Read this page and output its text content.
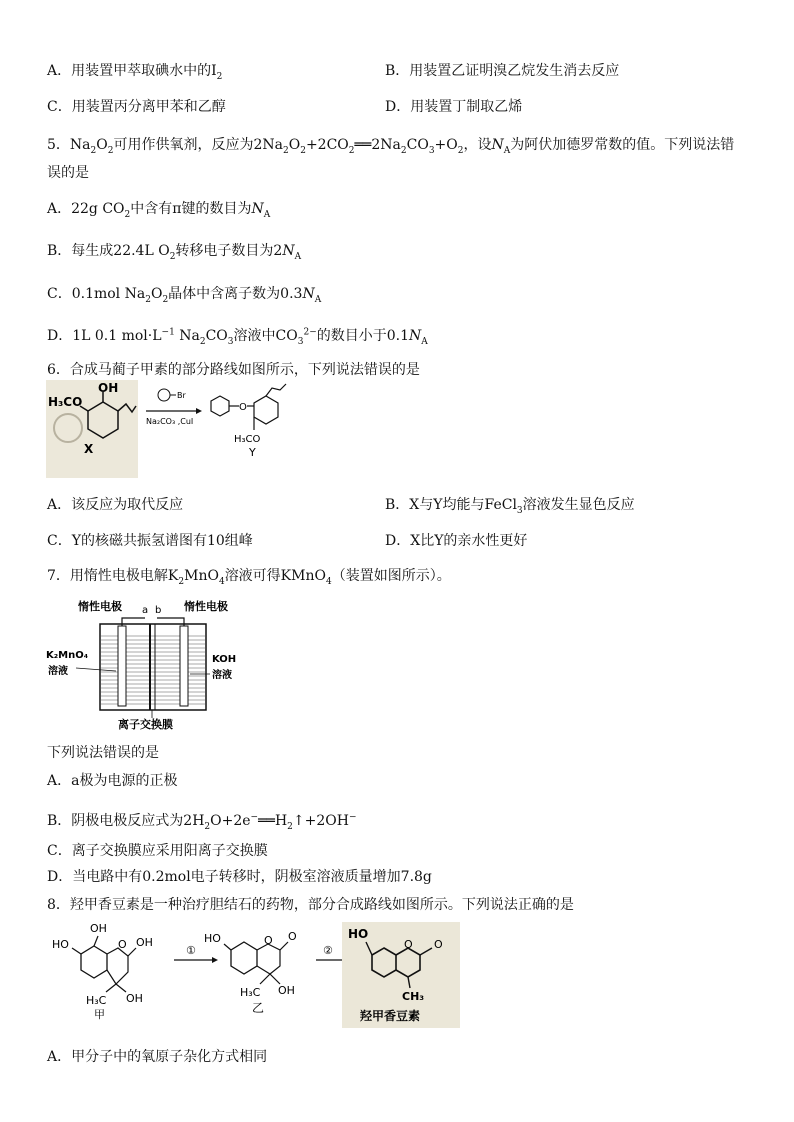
A．用装置甲萃取碘水中的$I_2$	B．用装置乙证明溴乙烷发生消去反应
C．用装置丙分离甲苯和乙醇	D．用装置丁制取乙烯
5．$Na_2O_2$可用作供氧剂，反应为$2Na_2O_2+2CO_2══2Na_2CO_3+O_2$，设$N_A$为阿伏加德罗常数的值。下列说法错
误的是
A．22g $CO_2$中含有π键的数目为$N_A$
B．每生成22.4L $O_2$转移电子数目为$2N_A$
C．0.1mol $Na_2O_2$晶体中含离子数为$0.3N_A$
D．1L 0.1 $mol\cdot L^{-1}$ $Na_2CO_3$溶液中$CO_3^{2-}$的数目小于$0.1N_A$
6．合成马蔺子甲素的部分路线如图所示，下列说法错误的是
OH
H₃CO
X
Br
Na₂CO₃ ,CuI
O
H₃CO
Y
A．该反应为取代反应	B．X与Y均能与FeCl$_3$溶液发生显色反应
C．Y的核磁共振氢谱图有10组峰	D．X比Y的亲水性更好
7．用惰性电极电解$K_2MnO_4$溶液可得KMnO$_4$（装置如图所示）。
惰性电极	惰性电极
a b
K₂MnO₄
溶液
KOH
溶液
离子交换膜
下列说法错误的是
A．a极为电源的正极
B．阴极电极反应式为$2H_2O+2e^-══H_2↑+2OH^-$
C．离子交换膜应采用阳离子交换膜
D．当电路中有0.2mol电子转移时，阴极室溶液质量增加7.8g
8．羟甲香豆素是一种治疗胆结石的药物，部分合成路线如图所示。下列说法正确的是
HO
OH
O OH
H₃C OH
甲
①
HO	O O
H₃C OH
乙
②
HO
O O
CH₃
羟甲香豆素
A．甲分子中的氧原子杂化方式相同
